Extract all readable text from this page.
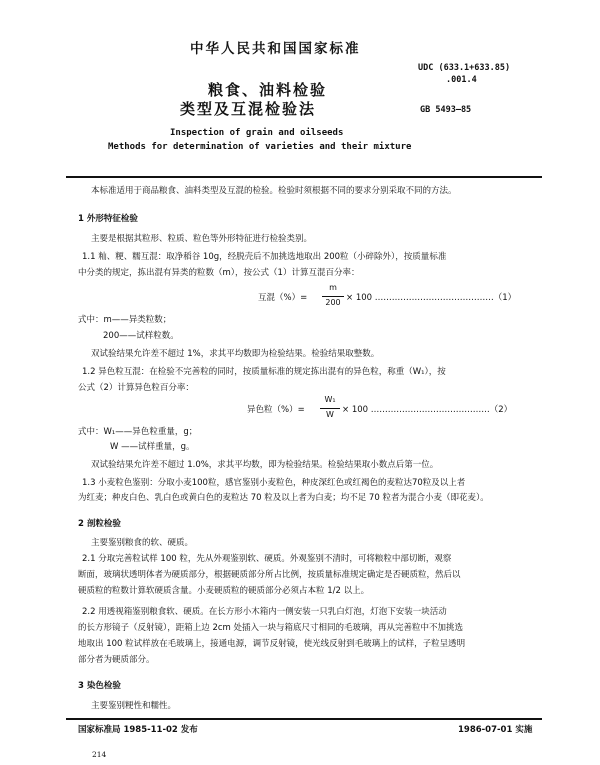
中华人民共和国国家标准
粮食、油料检验
类型及互混检验法
UDC (633.1+633.85)
.001.4
GB 5493—85
Inspection of grain and oilseeds
Methods for determination of varieties and their mixture
本标准适用于商品粮食、油料类型及互混的检验。检验时须根据不同的要求分别采取不同的方法。
1 外形特征检验
主要是根据其粒形、粒质、粒色等外形特征进行检验类别。
1.1 籼、粳、糯互混：取净稻谷 10g，经脱壳后不加挑选地取出 200粒（小碎除外），按质量标准
中分类的规定，拣出混有异类的粒数（m），按公式（1）计算互混百分率：
互混（%）=
m
200 × 100 ……………………………………（1）
式中：m——异类粒数；
200——试样粒数。
双试验结果允许差不超过 1%，求其平均数即为检验结果。检验结果取整数。
1.2 异色粒互混：在检验不完善粒的同时，按质量标准的规定拣出混有的异色粒，称重（W₁），按
公式（2）计算异色粒百分率：
异色粒（%）=
W₁
W × 100 ……………………………………（2）
式中：W₁——异色粒重量，g；
W ——试样重量，g。
双试验结果允许差不超过 1.0%，求其平均数，即为检验结果。检验结果取小数点后第一位。
1.3 小麦粒色鉴别：分取小麦100粒，感官鉴别小麦粒色，种皮深红色或红褐色的麦粒达70粒及以上者
为红麦；种皮白色、乳白色或黄白色的麦粒达 70 粒及以上者为白麦；均不足 70 粒者为混合小麦（即花麦）。
2 剖粒检验
主要鉴别粮食的软、硬质。
2.1 分取完善粒试样 100 粒，先从外观鉴别软、硬质。外观鉴别不清时，可将粮粒中部切断，观察
断面，玻璃状透明体者为硬质部分，根据硬质部分所占比例，按质量标准规定确定是否硬质粒，然后以
硬质粒的粒数计算软硬质含量。小麦硬质粒的硬质部分必须占本粒 1/2 以上。
2.2 用透视箱鉴别粮食软、硬质。在长方形小木箱内一侧安装一只乳白灯泡，灯泡下安装一块活动
的长方形镜子（反射镜），距箱上边 2cm 处插入一块与箱底尺寸相同的毛玻璃，再从完善粒中不加挑选
地取出 100 粒试样放在毛玻璃上，接通电源，调节反射镜，使光线反射到毛玻璃上的试样，子粒呈透明
部分者为硬质部分。
3 染色检验
主要鉴别粳性和糯性。
国家标准局 1985-11-02 发布	1986-07-01 实施
214
